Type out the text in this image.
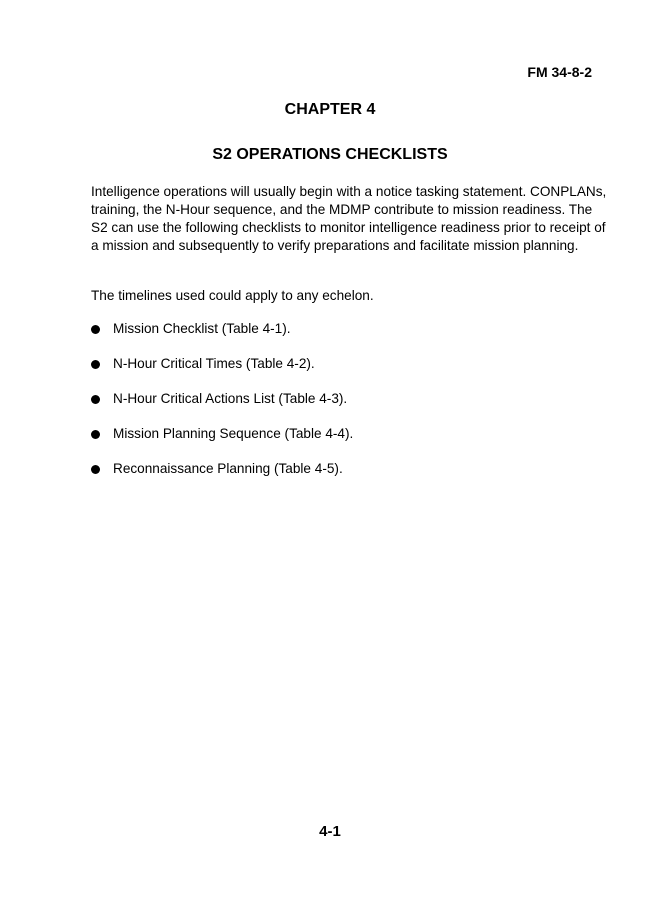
FM 34-8-2
CHAPTER 4
S2 OPERATIONS CHECKLISTS

Intelligence operations will usually begin with a notice tasking statement. CONPLANs, training, the N-Hour sequence, and the MDMP contribute to mission readiness. The S2 can use the following checklists to monitor intelligence readiness prior to receipt of a mission and subsequently to verify preparations and facilitate mission planning.

The timelines used could apply to any echelon.

Mission Checklist (Table 4-1).
N-Hour Critical Times (Table 4-2).
N-Hour Critical Actions List (Table 4-3).
Mission Planning Sequence (Table 4-4).
Reconnaissance Planning (Table 4-5).
4-1
